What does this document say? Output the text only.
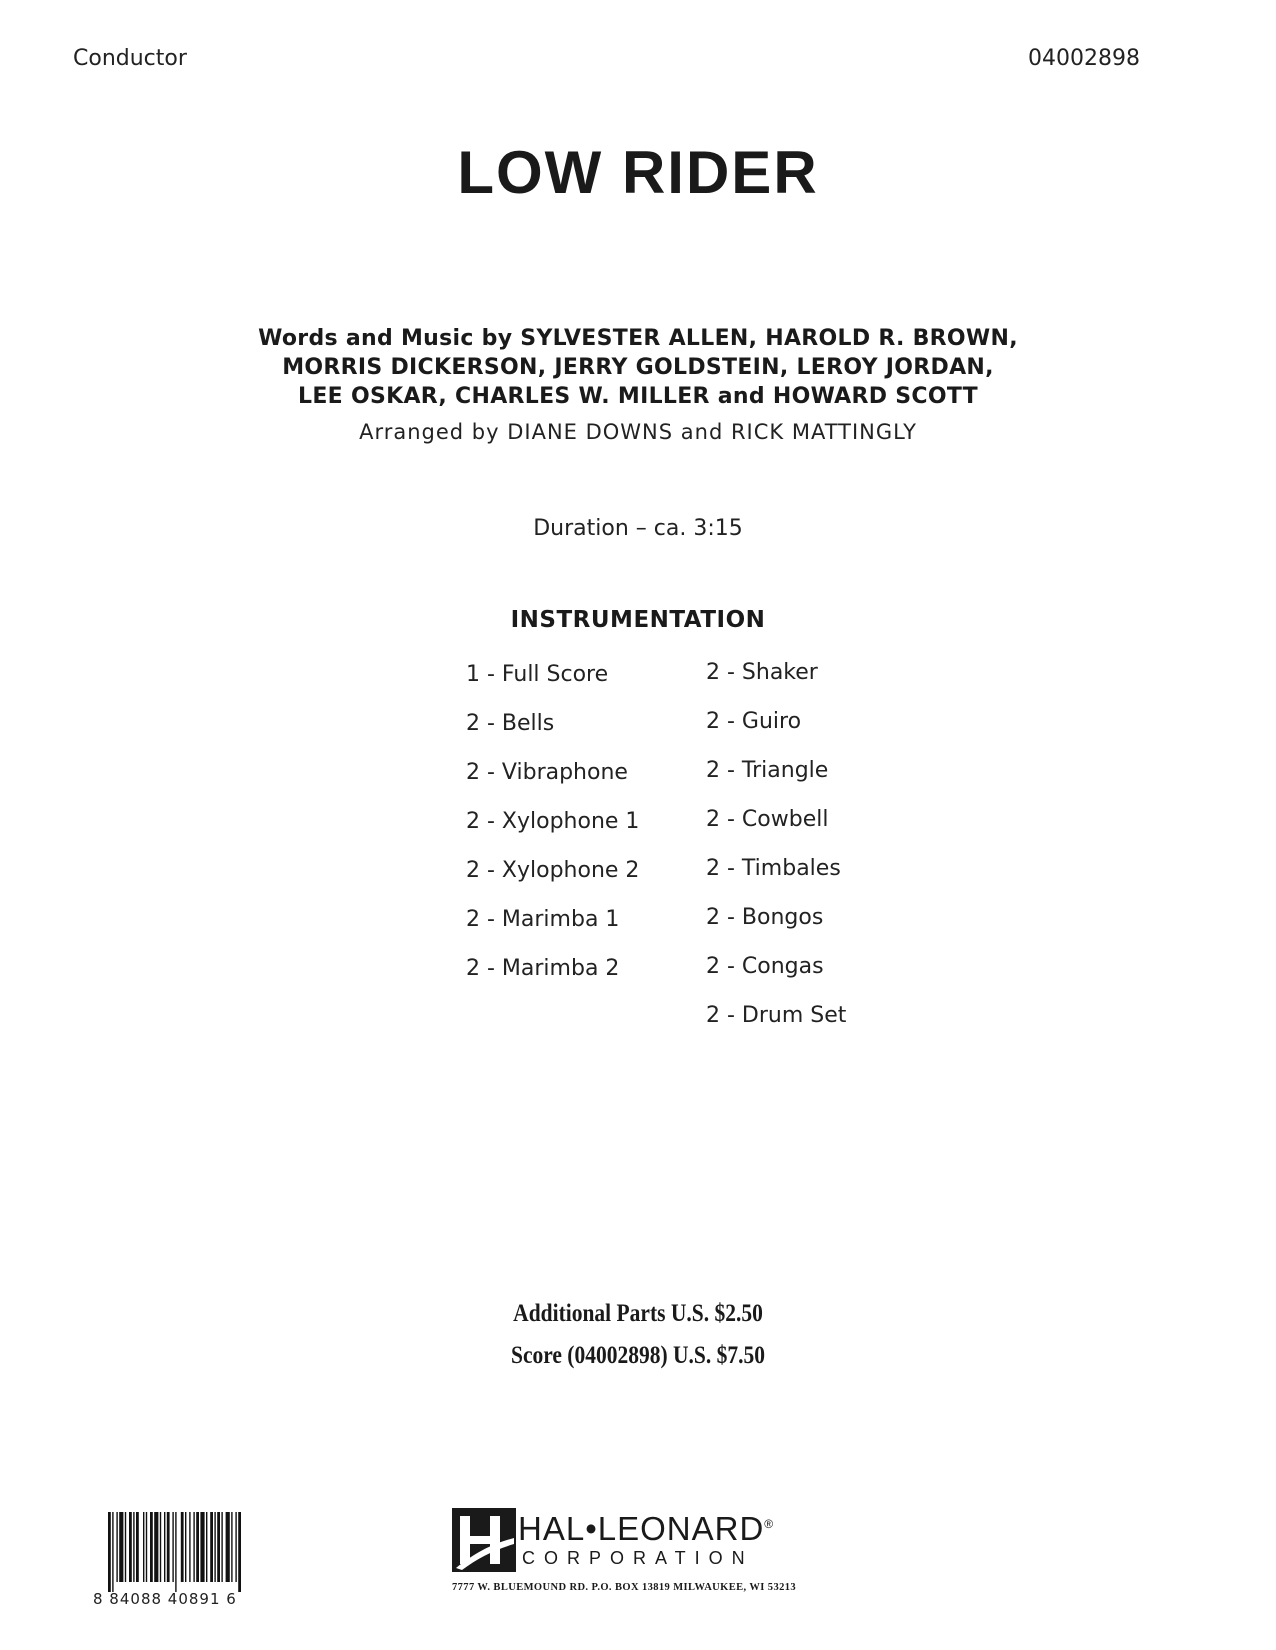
Conductor	04002898
LOW RIDER
Words and Music by SYLVESTER ALLEN, HAROLD R. BROWN,
MORRIS DICKERSON, JERRY GOLDSTEIN, LEROY JORDAN,
LEE OSKAR, CHARLES W. MILLER and HOWARD SCOTT
Arranged by DIANE DOWNS and RICK MATTINGLY
Duration – ca. 3:15
INSTRUMENTATION
1 - Full Score
2 - Bells
2 - Vibraphone
2 - Xylophone 1
2 - Xylophone 2
2 - Marimba 1
2 - Marimba 2
2 - Shaker
2 - Guiro
2 - Triangle
2 - Cowbell
2 - Timbales
2 - Bongos
2 - Congas
2 - Drum Set
Additional Parts U.S. $2.50
Score (04002898) U.S. $7.50
8 84088 40891 6
HAL•LEONARD®
CORPORATION
7777 W. BLUEMOUND RD. P.O. BOX 13819 MILWAUKEE, WI 53213
